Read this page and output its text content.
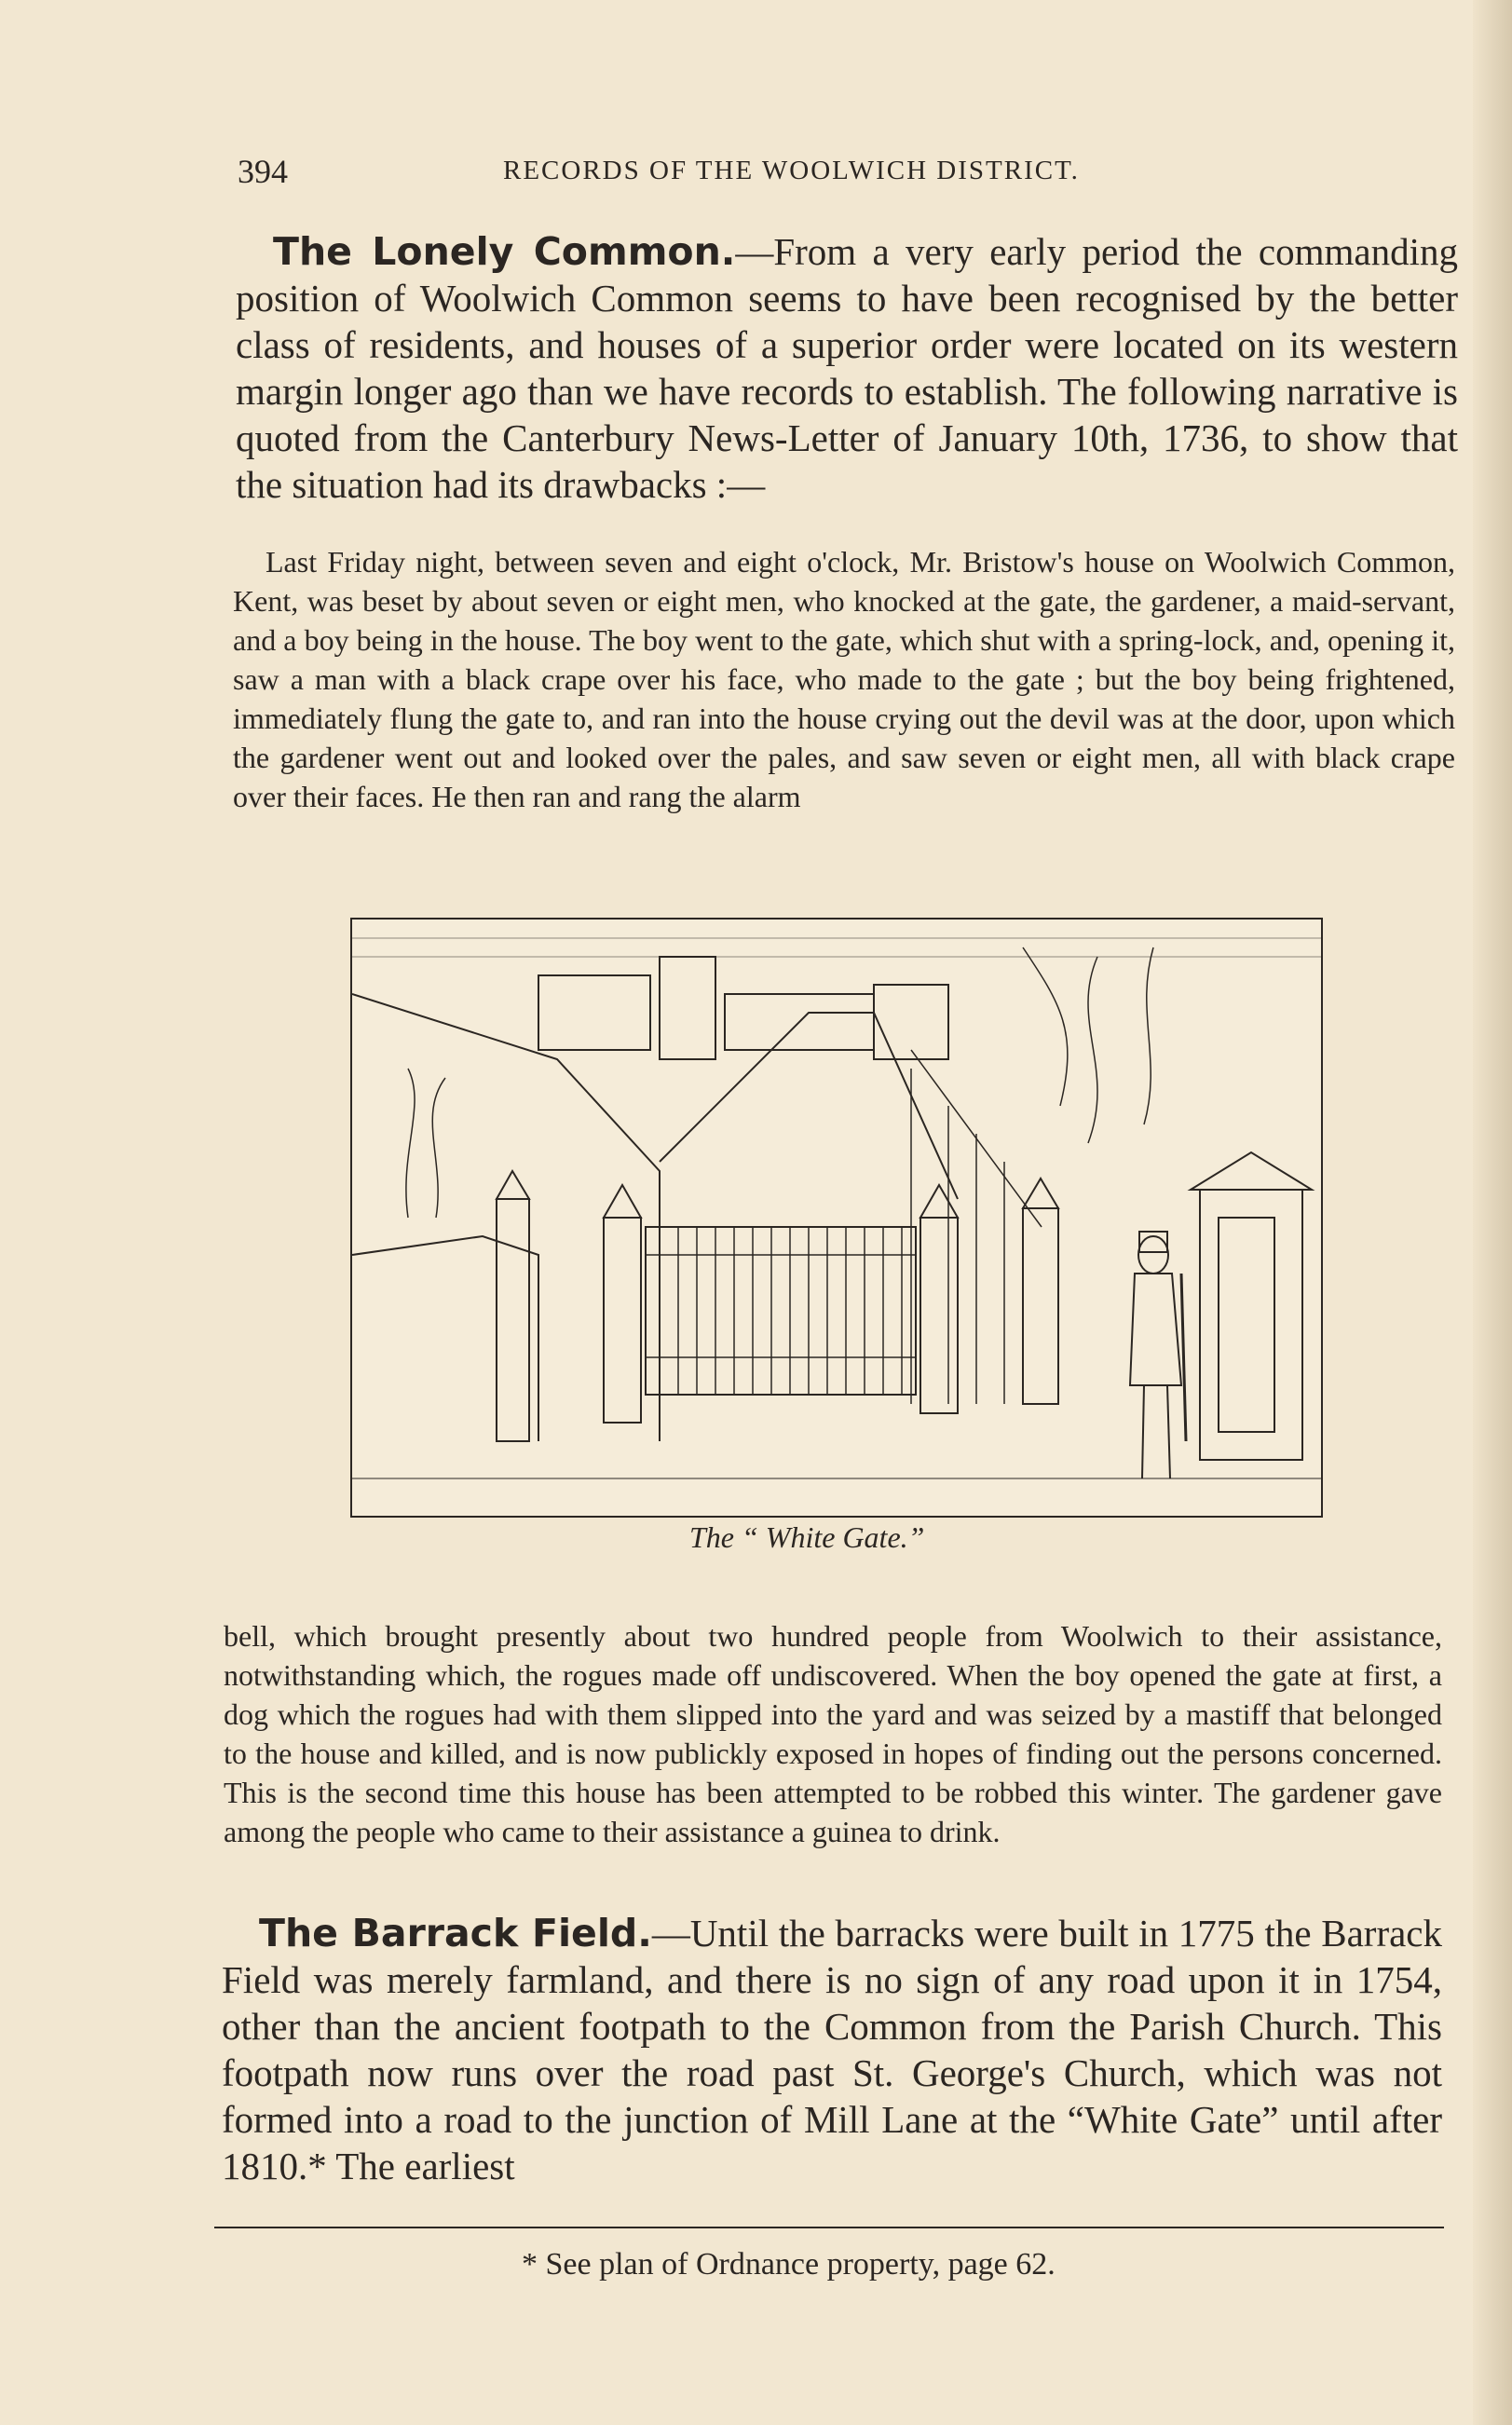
394	RECORDS OF THE WOOLWICH DISTRICT.
The Lonely Common.—From a very early period the commanding position of Woolwich Common seems to have been recognised by the better class of residents, and houses of a superior order were located on its western margin longer ago than we have records to establish. The following narrative is quoted from the Canterbury News-Letter of January 10th, 1736, to show that the situation had its drawbacks :—
Last Friday night, between seven and eight o'clock, Mr. Bristow's house on Woolwich Common, Kent, was beset by about seven or eight men, who knocked at the gate, the gardener, a maid-servant, and a boy being in the house. The boy went to the gate, which shut with a spring-lock, and, opening it, saw a man with a black crape over his face, who made to the gate ; but the boy being frightened, immediately flung the gate to, and ran into the house crying out the devil was at the door, upon which the gardener went out and looked over the pales, and saw seven or eight men, all with black crape over their faces. He then ran and rang the alarm
The “ White Gate.”
bell, which brought presently about two hundred people from Woolwich to their assistance, notwithstanding which, the rogues made off undiscovered. When the boy opened the gate at first, a dog which the rogues had with them slipped into the yard and was seized by a mastiff that belonged to the house and killed, and is now publickly exposed in hopes of finding out the persons concerned. This is the second time this house has been attempted to be robbed this winter. The gardener gave among the people who came to their assistance a guinea to drink.
The Barrack Field.—Until the barracks were built in 1775 the Barrack Field was merely farmland, and there is no sign of any road upon it in 1754, other than the ancient footpath to the Common from the Parish Church. This footpath now runs over the road past St. George's Church, which was not formed into a road to the junction of Mill Lane at the “White Gate” until after 1810.* The earliest
* See plan of Ordnance property, page 62.
